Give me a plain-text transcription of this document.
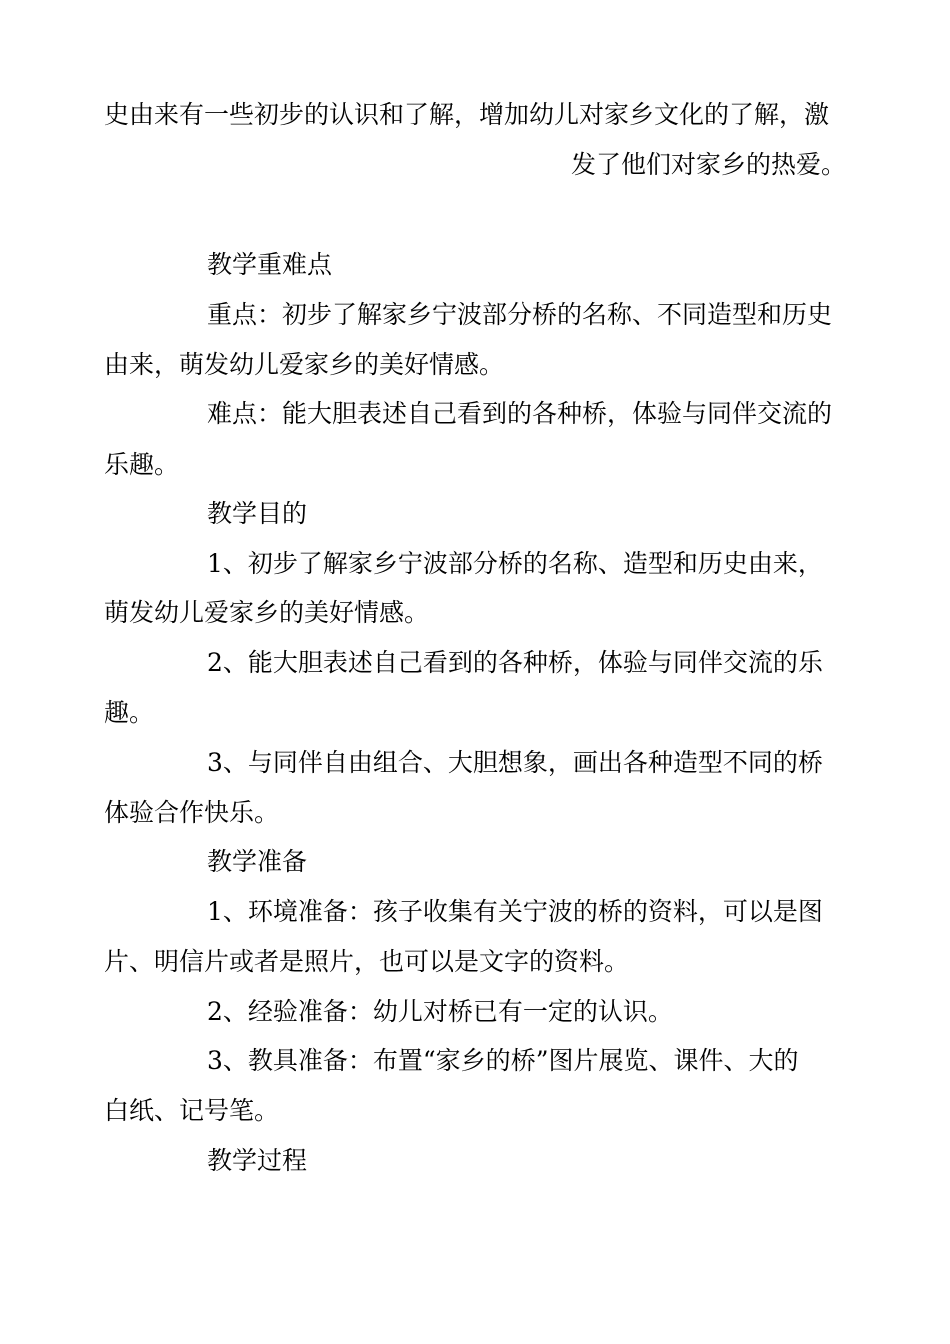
史由来有一些初步的认识和了解，增加幼儿对家乡文化的了解，激
发了他们对家乡的热爱。
教学重难点
重点：初步了解家乡宁波部分桥的名称、不同造型和历史
由来，萌发幼儿爱家乡的美好情感。
难点：能大胆表述自己看到的各种桥，体验与同伴交流的
乐趣。
教学目的
1、初步了解家乡宁波部分桥的名称、造型和历史由来，
萌发幼儿爱家乡的美好情感。
2、能大胆表述自己看到的各种桥，体验与同伴交流的乐
趣。
3、与同伴自由组合、大胆想象，画出各种造型不同的桥
体验合作快乐。
教学准备
1、环境准备：孩子收集有关宁波的桥的资料，可以是图
片、明信片或者是照片，也可以是文字的资料。
2、经验准备：幼儿对桥已有一定的认识。
3、教具准备：布置“家乡的桥”图片展览、课件、大的
白纸、记号笔。
教学过程
